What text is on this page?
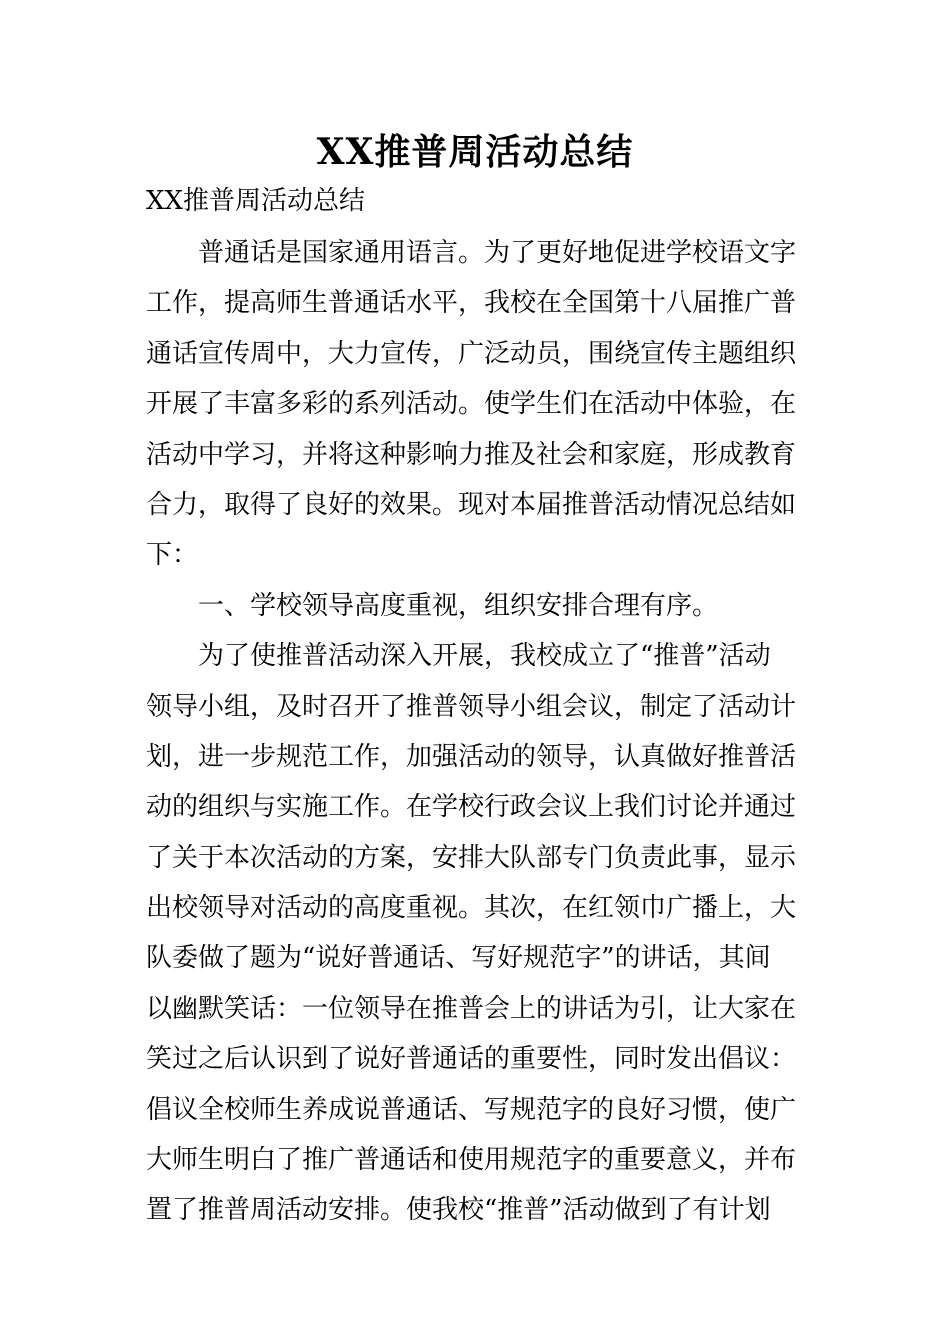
XX推普周活动总结
XX推普周活动总结
普通话是国家通用语言。为了更好地促进学校语文字
工作，提高师生普通话水平，我校在全国第十八届推广普
通话宣传周中，大力宣传，广泛动员，围绕宣传主题组织
开展了丰富多彩的系列活动。使学生们在活动中体验，在
活动中学习，并将这种影响力推及社会和家庭，形成教育
合力，取得了良好的效果。现对本届推普活动情况总结如
下：
一、学校领导高度重视，组织安排合理有序。
为了使推普活动深入开展，我校成立了“推普”活动
领导小组，及时召开了推普领导小组会议，制定了活动计
划，进一步规范工作，加强活动的领导，认真做好推普活
动的组织与实施工作。在学校行政会议上我们讨论并通过
了关于本次活动的方案，安排大队部专门负责此事，显示
出校领导对活动的高度重视。其次，在红领巾广播上，大
队委做了题为“说好普通话、写好规范字”的讲话，其间
以幽默笑话：一位领导在推普会上的讲话为引，让大家在
笑过之后认识到了说好普通话的重要性，同时发出倡议：
倡议全校师生养成说普通话、写规范字的良好习惯，使广
大师生明白了推广普通话和使用规范字的重要意义，并布
置了推普周活动安排。使我校“推普”活动做到了有计划
